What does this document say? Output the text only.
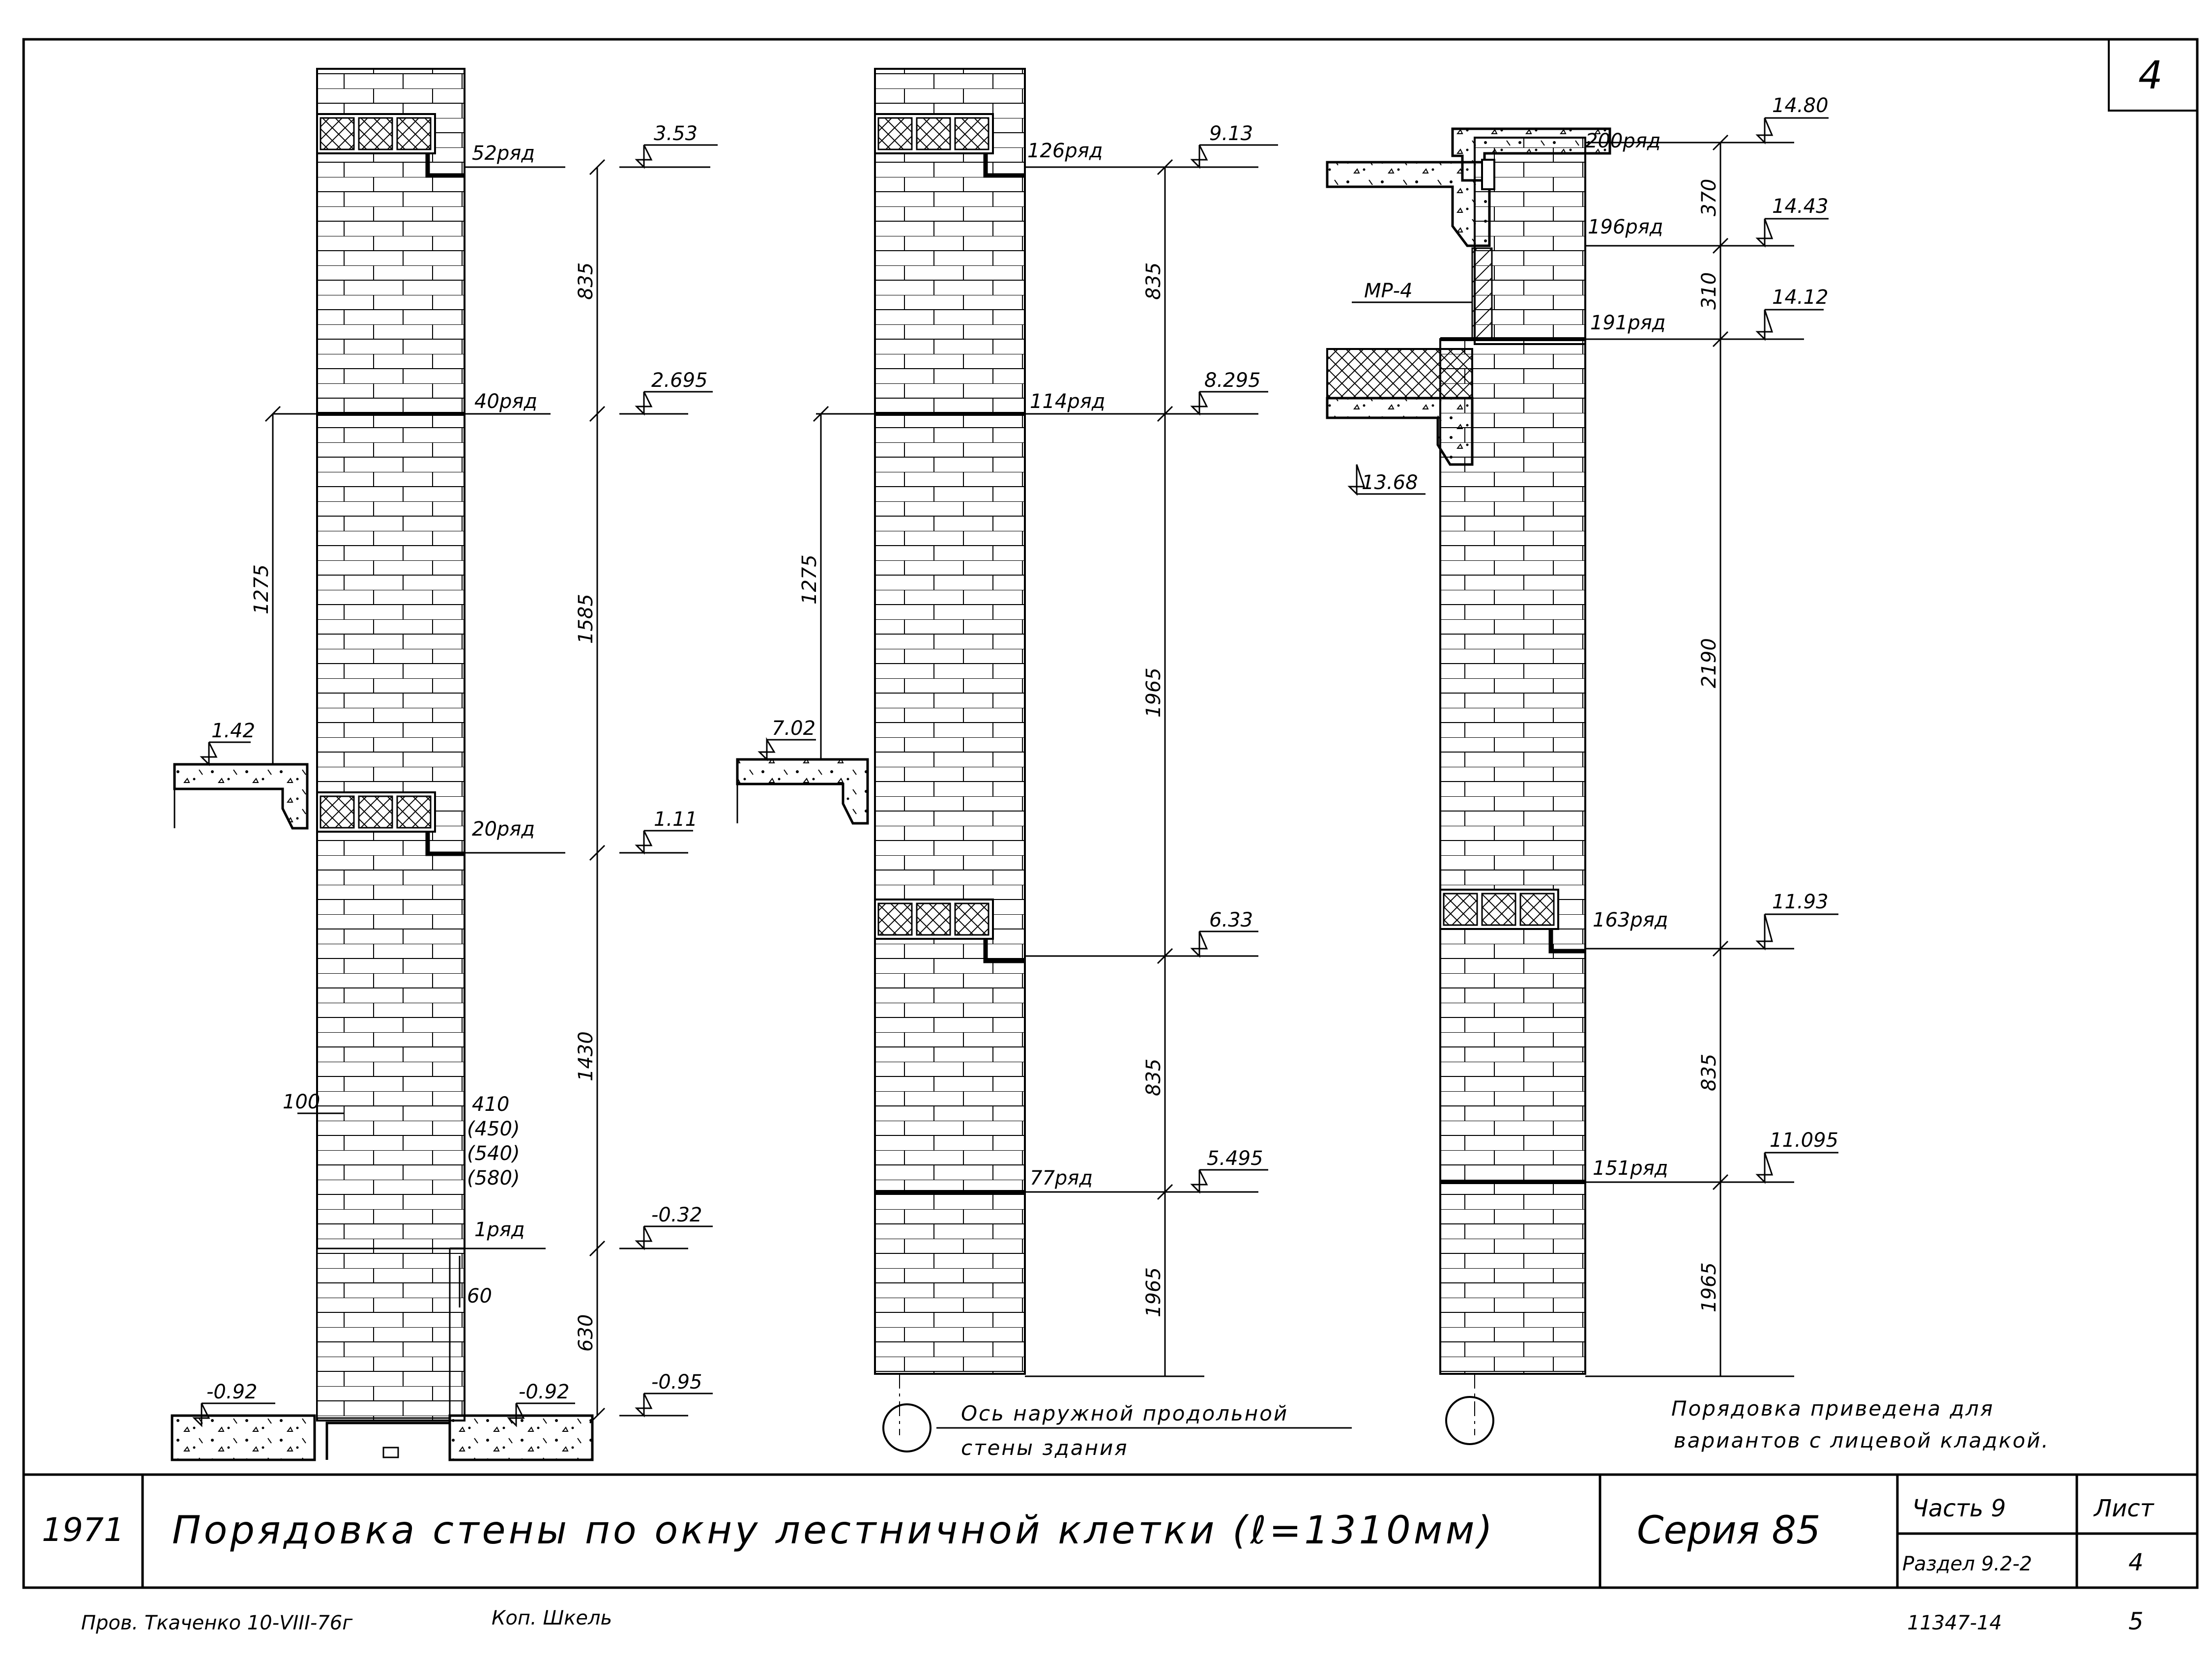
4
52ряд
40ряд
20ряд
1ряд
3.53
2.695
1.11
-0.32
-0.95
-0.92	-0.92
1.42
835
1585
1430
630
1275
100
60
410
(450)
(540)
(580)
126ряд
114ряд
77ряд
9.13
8.295
6.33
5.495
7.02
835
1965
835
1965
1275
200ряд
196ряд
191ряд
163ряд
151ряд
14.80
14.43
14.12
11.93
11.095
13.68
МР-4
370
310
2190
835
1965
Ось наружной продольной
стены здания
Порядовка приведена для
вариантов с лицевой кладкой.
1971 Порядовка стены по окну лестничной клетки (ℓ=1310мм)	Серия 85	Часть 9
Раздел 9.2-2
Лист
4
Пров. Ткаченко 10-VIII-76г	Коп. Шкель	11347-14	5
